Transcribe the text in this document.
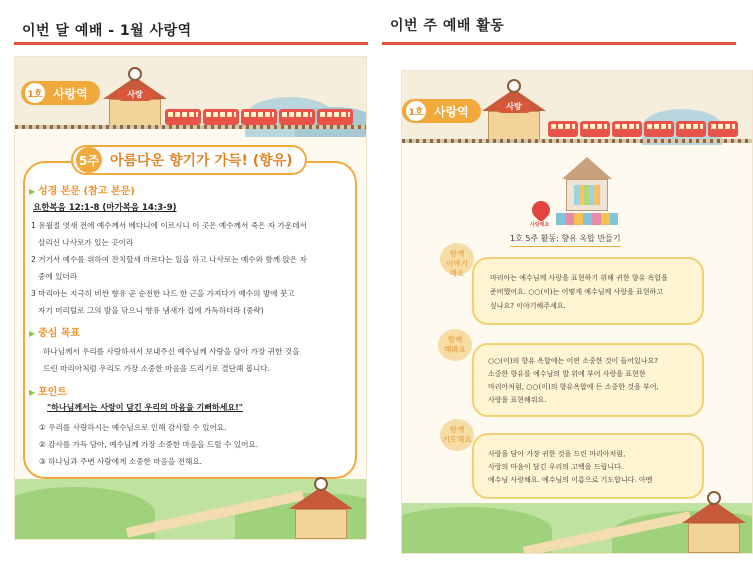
이번 달 예배 - 1월 사랑역
1호 사랑역	사랑
5주 아름다운 향기가 가득! (향유)
▶ 성경 본문 (참고 본문)
요한복음 12:1-8 (마가복음 14:3-9)
1 유월절 엿새 전에 예수께서 베다니에 이르시니 이 곳은 예수께서 죽은 자 가운데서
살리신 나사로가 있는 곳이라
2 거기서 예수를 위하여 잔치할새 마르다는 일을 하고 나사로는 예수와 함께 앉은 자
중에 있더라
3 마리아는 지극히 비싼 향유 곧 순전한 나드 한 근을 가져다가 예수의 발에 붓고
자기 머리털로 그의 발을 닦으니 향유 냄새가 집에 가득하더라 (중략)
▶ 중심 목표
하나님께서 우리를 사랑하셔서 보내주신 예수님께 사랑을 담아 가장 귀한 것을
드린 마리아처럼 우리도 가장 소중한 마음을 드리기로 결단해 봅니다.
▶ 포인트
"하나님께서는 사랑이 담긴 우리의 마음을 기뻐하세요!"
① 우리를 사랑하시는 예수님으로 인해 감사할 수 있어요.
② 감사를 가득 담아, 예수님께 가장 소중한 마음을 드릴 수 있어요.
③ 하나님과 주변 사람에게 소중한 마음을 전해요.
이번 주 예배 활동
1호 사랑역	사랑
사랑해요
1호 5주 활동: 향유 옥합 만들기
함께
이야기
해요	마리아는 예수님께 사랑을 표현하기 위해 귀한 향유 옥합을
준비했어요. ○○(이)는 어떻게 예수님께 사랑을 표현하고
싶나요? 이야기해주세요.
함께
해봐요
○○(이)의 향유 옥합에는 어떤 소중한 것이 들어있나요?
소중한 향유를 예수님의 발 위에 부어 사랑을 표현한
마리아처럼, ○○(이)의 향유옥합에 든 소중한 것을 부어,
사랑을 표현해줘요.
함께
기도해요
사랑을 담아 가장 귀한 것을 드린 마리아처럼,
사랑의 마음이 담긴 우리의 고백을 드립니다.
예수님 사랑해요. 예수님의 이름으로 기도합니다. 아멘
